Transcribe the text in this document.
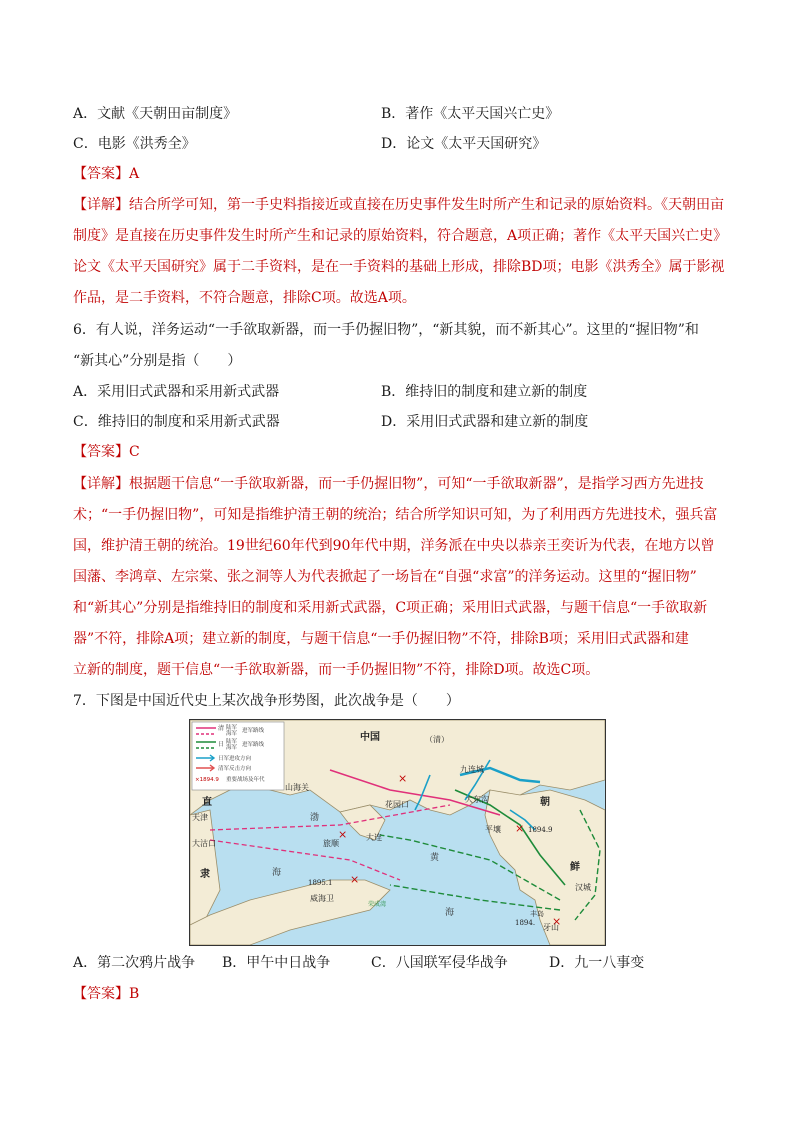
A．文献《天朝田亩制度》	B．著作《太平天国兴亡史》
C．电影《洪秀全》	D．论文《太平天国研究》
【答案】A
【详解】结合所学可知，第一手史料指接近或直接在历史事件发生时所产生和记录的原始资料。《天朝田亩
制度》是直接在历史事件发生时所产生和记录的原始资料，符合题意，A项正确；著作《太平天国兴亡史》
论文《太平天国研究》属于二手资料，是在一手资料的基础上形成，排除BD项；电影《洪秀全》属于影视
作品，是二手资料，不符合题意，排除C项。故选A项。
6．有人说，洋务运动“一手欲取新器，而一手仍握旧物”，“新其貌，而不新其心”。这里的“握旧物”和
“新其心”分别是指（　　）
A．采用旧式武器和采用新式武器	B．维持旧的制度和建立新的制度
C．维持旧的制度和采用新式武器	D．采用旧式武器和建立新的制度
【答案】C
【详解】根据题干信息“一手欲取新器，而一手仍握旧物”，可知“一手欲取新器”，是指学习西方先进技
术；“一手仍握旧物”，可知是指维护清王朝的统治；结合所学知识可知，为了利用西方先进技术，强兵富
国，维护清王朝的统治。19世纪60年代到90年代中期，洋务派在中央以恭亲王奕䜣为代表，在地方以曾
国藩、李鸿章、左宗棠、张之洞等人为代表掀起了一场旨在“自强“求富”的洋务运动。这里的“握旧物”
和“新其心”分别是指维持旧的制度和采用新式武器，C项正确；采用旧式武器，与题干信息“一手欲取新
器”不符，排除A项；建立新的制度，与题干信息“一手仍握旧物”不符，排除B项；采用旧式武器和建
立新的制度，题干信息“一手欲取新器，而一手仍握旧物”不符，排除D项。故选C项。
7．下图是中国近代史上某次战争形势图，此次战争是（　　）
清 陆军
海军 进军路线
日 陆军
海军 进军路线
日军进攻方向
清军反击方向
×1894.9 重要战场及年代	×
×
×
×
×
中国	（清）
九连城
大东沟	朝
鲜
山海关
直
隶
天津
大沽口
花园口
旅顺
大连
渤
海
黄
海
平壤	1894.9
汉城
丰岛
1894. 牙山
1895.1
威海卫
荣成湾
A．第二次鸦片战争 B．甲午中日战争	C．八国联军侵华战争	D．九一八事变
【答案】B
